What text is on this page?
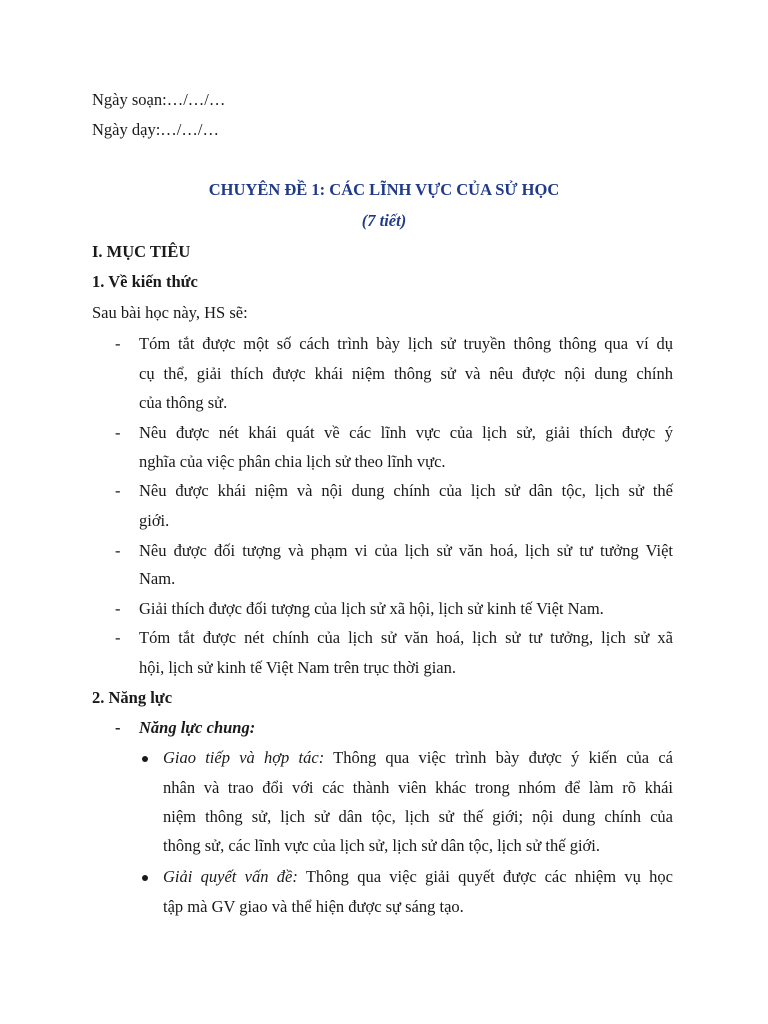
Ngày soạn:…/…/…
Ngày dạy:…/…/…
CHUYÊN ĐỀ 1: CÁC LĨNH VỰC CỦA SỬ HỌC
(7 tiết)
I. MỤC TIÊU
1. Về kiến thức
Sau bài học này, HS sẽ:
- Tóm tắt được một số cách trình bày lịch sử truyền thông thông qua ví dụ
cụ thể, giải thích được khái niệm thông sử và nêu được nội dung chính
của thông sử.
- Nêu được nét khái quát về các lĩnh vực của lịch sử, giải thích được ý
nghĩa của việc phân chia lịch sử theo lĩnh vực.
- Nêu được khái niệm và nội dung chính của lịch sử dân tộc, lịch sử thế
giới.
- Nêu được đối tượng và phạm vi của lịch sử văn hoá, lịch sử tư tưởng Việt
Nam.
- Giải thích được đối tượng của lịch sử xã hội, lịch sử kinh tế Việt Nam.
- Tóm tắt được nét chính của lịch sử văn hoá, lịch sử tư tưởng, lịch sử xã
hội, lịch sử kinh tế Việt Nam trên trục thời gian.
2. Năng lực
- Năng lực chung:
Giao tiếp và hợp tác: Thông qua việc trình bày được ý kiến của cá
nhân và trao đổi với các thành viên khác trong nhóm để làm rõ khái
niệm thông sử, lịch sử dân tộc, lịch sử thế giới; nội dung chính của
thông sử, các lĩnh vực của lịch sử, lịch sử dân tộc, lịch sử thế giới.
Giải quyết vấn đề: Thông qua việc giải quyết được các nhiệm vụ học
tập mà GV giao và thể hiện được sự sáng tạo.
